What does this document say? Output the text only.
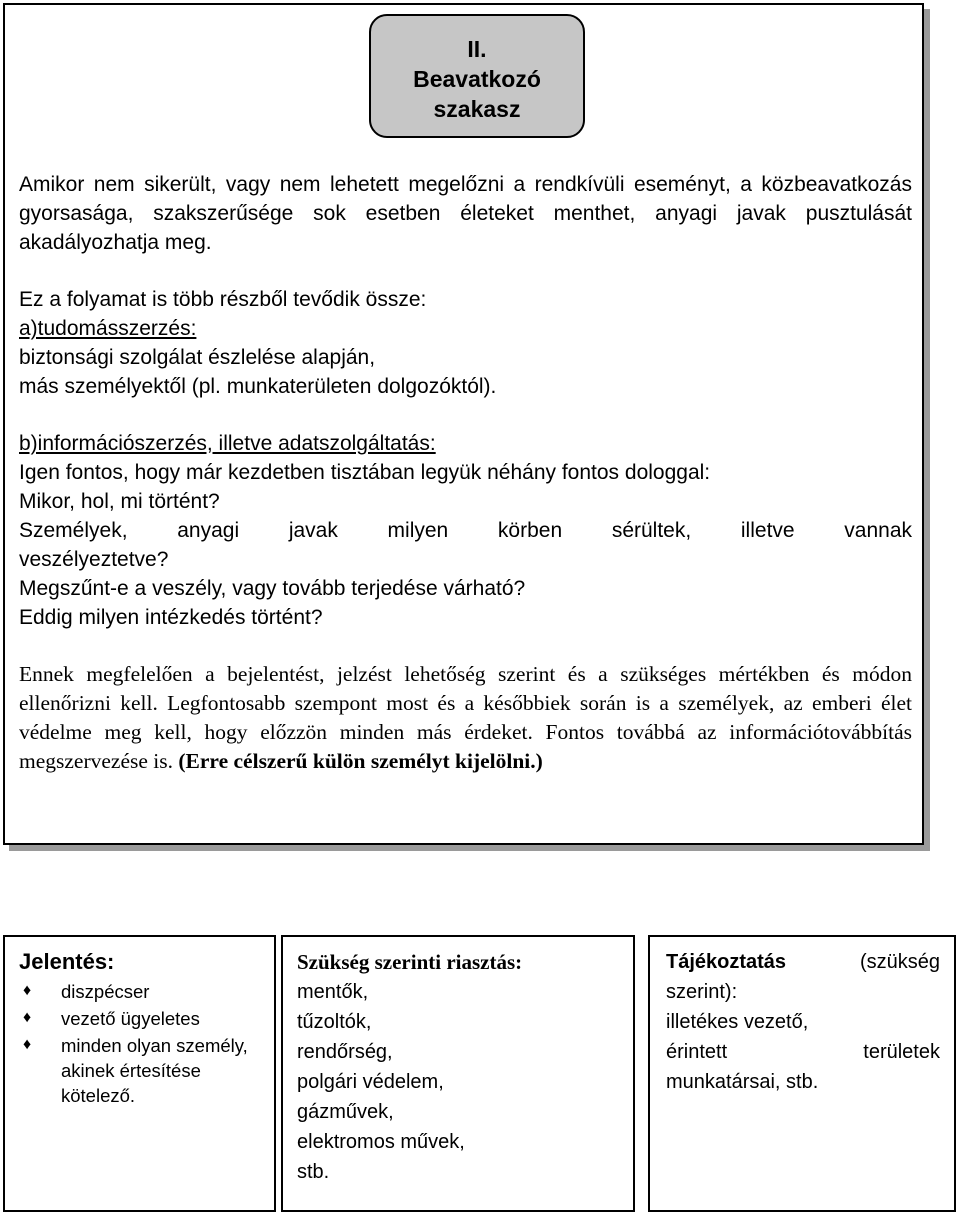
II.
Beavatkozó
szakasz

Amikor nem sikerült, vagy nem lehetett megelőzni a rendkívüli eseményt, a közbeavatkozás gyorsasága, szakszerűsége sok esetben életeket menthet, anyagi javak pusztulását akadályozhatja meg.

Ez a folyamat is több részből tevődik össze:

a)tudomásszerzés:

biztonsági szolgálat észlelése alapján,

más személyektől (pl. munkaterületen dolgozóktól).

b)információszerzés, illetve adatszolgáltatás:

Igen fontos, hogy már kezdetben tisztában legyük néhány fontos dologgal:

Mikor, hol, mi történt?

Személyek, anyagi javak milyen körben sérültek, illetve vannak

veszélyeztetve?

Megszűnt-e a veszély, vagy tovább terjedése várható?

Eddig milyen intézkedés történt?

Ennek megfelelően a bejelentést, jelzést lehetőség szerint és a szükséges mértékben és módon ellenőrizni kell. Legfontosabb szempont most és a későbbiek során is a személyek, az emberi élet védelme meg kell, hogy előzzön minden más érdeket. Fontos továbbá az információtovábbítás megszervezése is. (Erre célszerű külön személyt kijelölni.)

Jelentés:
♦ diszpécser
♦ vezető ügyeletes
♦ minden olyan személy, akinek értesítése kötelező.
Szükség szerinti riasztás:
mentők,
tűzoltók,
rendőrség,
polgári védelem,
gázművek,
elektromos művek,
stb.
Tájékoztatás	(szükség
szerint):
illetékes vezető,
érintett területek
munkatársai, stb.
